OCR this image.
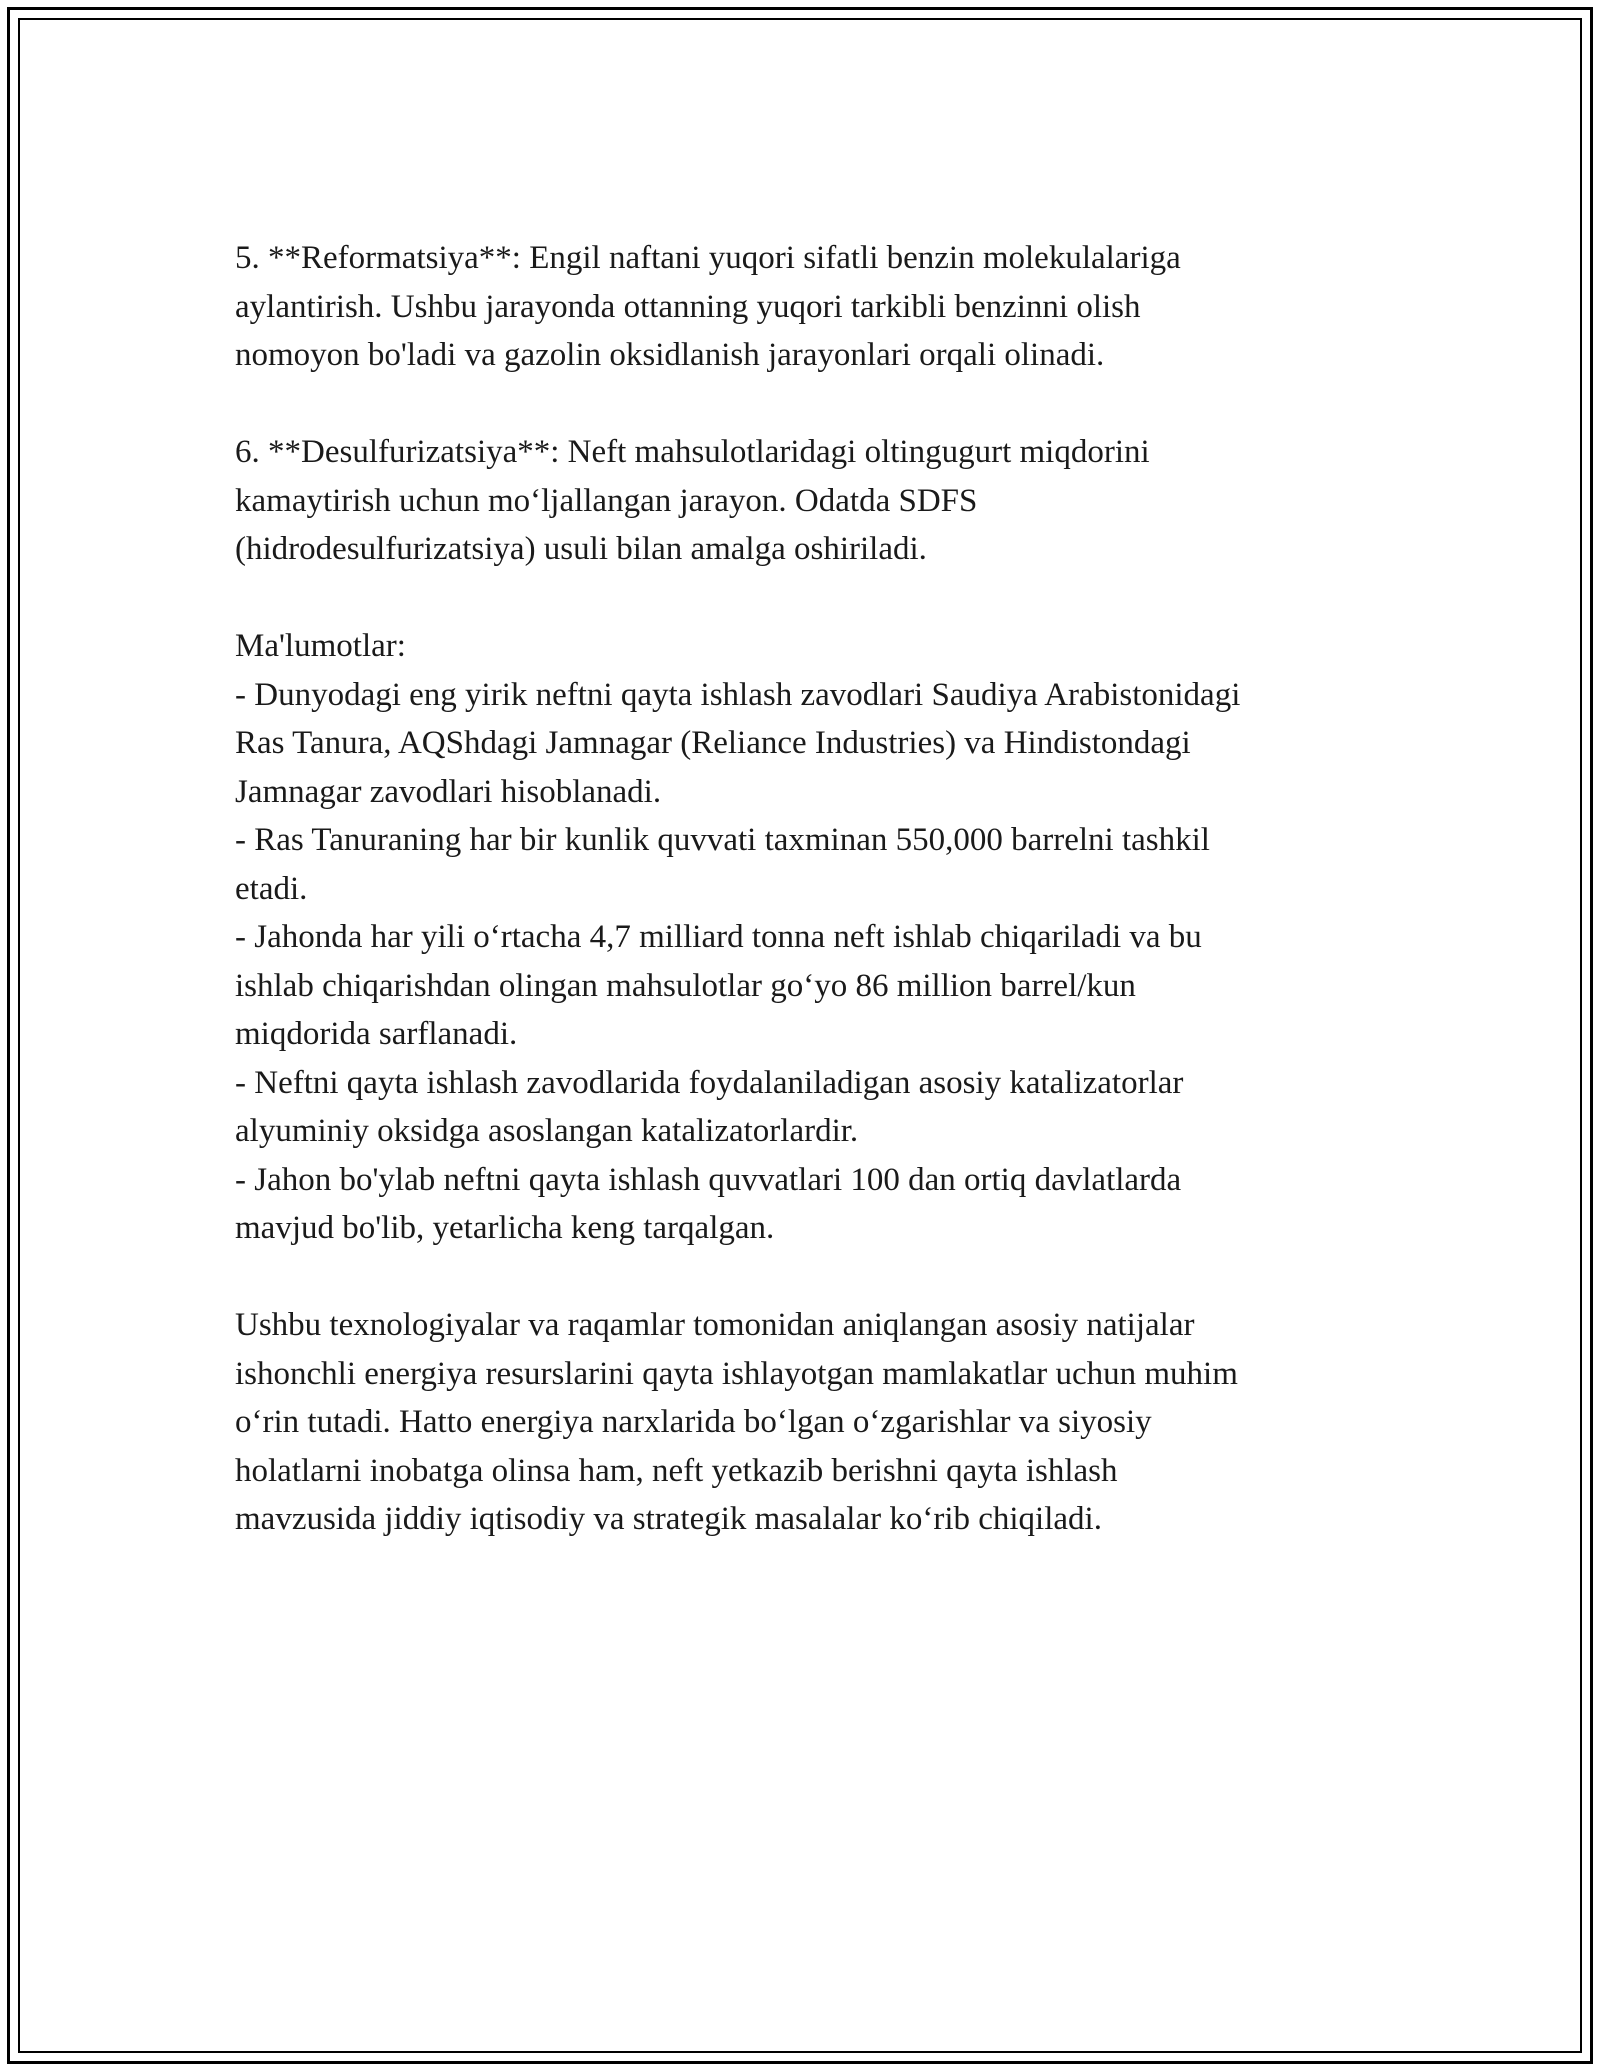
5. **Reformatsiya**: Engil naftani yuqori sifatli benzin molekulalariga

aylantirish. Ushbu jarayonda ottanning yuqori tarkibli benzinni olish

nomoyon bo'ladi va gazolin oksidlanish jarayonlari orqali olinadi.

6. **Desulfurizatsiya**: Neft mahsulotlaridagi oltingugurt miqdorini

kamaytirish uchun mo‘ljallangan jarayon. Odatda SDFS

(hidrodesulfurizatsiya) usuli bilan amalga oshiriladi.

Ma'lumotlar:

- Dunyodagi eng yirik neftni qayta ishlash zavodlari Saudiya Arabistonidagi

Ras Tanura, AQShdagi Jamnagar (Reliance Industries) va Hindistondagi

Jamnagar zavodlari hisoblanadi.

- Ras Tanuraning har bir kunlik quvvati taxminan 550,000 barrelni tashkil

etadi.

- Jahonda har yili o‘rtacha 4,7 milliard tonna neft ishlab chiqariladi va bu

ishlab chiqarishdan olingan mahsulotlar go‘yo 86 million barrel/kun

miqdorida sarflanadi.

- Neftni qayta ishlash zavodlarida foydalaniladigan asosiy katalizatorlar

alyuminiy oksidga asoslangan katalizatorlardir.

- Jahon bo'ylab neftni qayta ishlash quvvatlari 100 dan ortiq davlatlarda

mavjud bo'lib, yetarlicha keng tarqalgan.

Ushbu texnologiyalar va raqamlar tomonidan aniqlangan asosiy natijalar

ishonchli energiya resurslarini qayta ishlayotgan mamlakatlar uchun muhim

o‘rin tutadi. Hatto energiya narxlarida bo‘lgan o‘zgarishlar va siyosiy

holatlarni inobatga olinsa ham, neft yetkazib berishni qayta ishlash

mavzusida jiddiy iqtisodiy va strategik masalalar ko‘rib chiqiladi.
